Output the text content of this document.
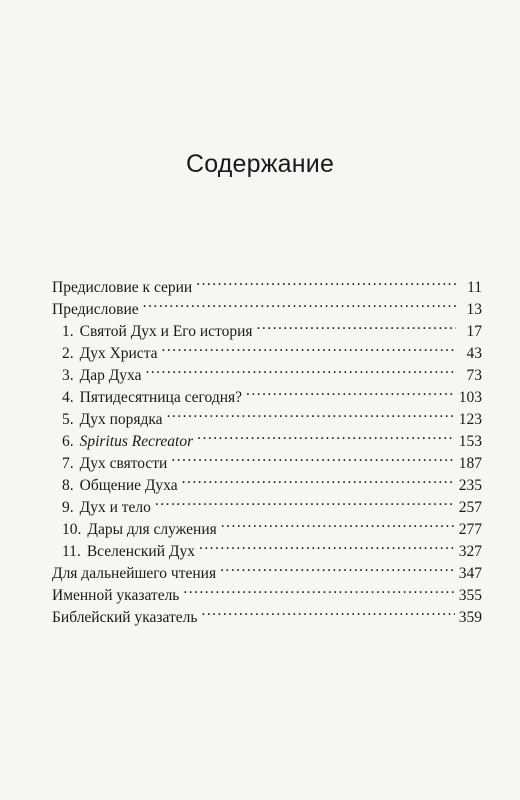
Содержание
Предисловие к серии . . .	11
Предисловие . . .	13
1. Святой Дух и Его история . . .	17
2. Дух Христа . . .	43
3. Дар Духа . . .	73
4. Пятидесятница сегодня? . . .	103
5. Дух порядка . . .	123
6. Spiritus Recreator . . .	153
7. Дух святости . . .	187
8. Общение Духа . . .	235
9. Дух и тело . . .	257
10. Дары для служения . . .	277
11. Вселенский Дух . . .	327
Для дальнейшего чтения . . .	347
Именной указатель . . .	355
Библейский указатель . . .	359
